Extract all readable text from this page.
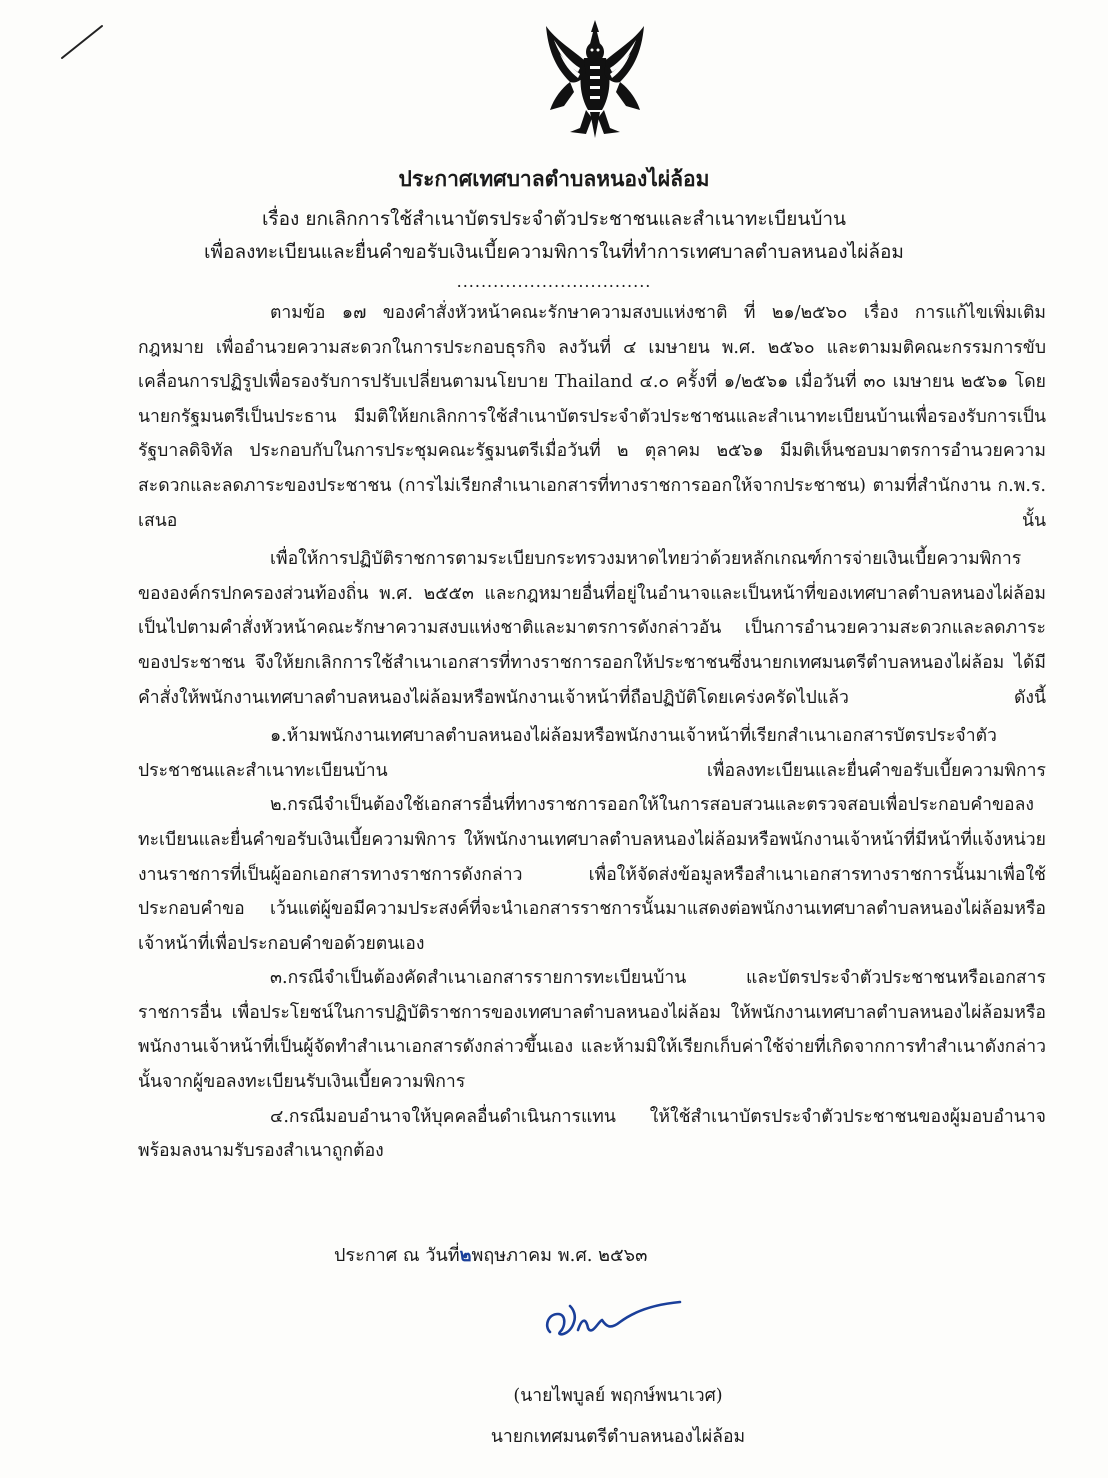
ประกาศเทศบาลตำบลหนองไผ่ล้อม
เรื่อง ยกเลิกการใช้สำเนาบัตรประจำตัวประชาชนและสำเนาทะเบียนบ้าน
เพื่อลงทะเบียนและยื่นคำขอรับเงินเบี้ยความพิการในที่ทำการเทศบาลตำบลหนองไผ่ล้อม
................................

ตามข้อ ๑๗ ของคำสั่งหัวหน้าคณะรักษาความสงบแห่งชาติ ที่ ๒๑/๒๕๖๐ เรื่อง การแก้ไขเพิ่มเติมกฎหมาย เพื่ออำนวยความสะดวกในการประกอบธุรกิจ ลงวันที่ ๔ เมษายน พ.ศ. ๒๕๖๐ และตามมติคณะกรรมการขับเคลื่อนการปฏิรูปเพื่อรองรับการปรับเปลี่ยนตามนโยบาย Thailand ๔.๐ ครั้งที่ ๑/๒๕๖๑ เมื่อวันที่ ๓๐ เมษายน ๒๕๖๑ โดยนายกรัฐมนตรีเป็นประธาน มีมติให้ยกเลิกการใช้สำเนาบัตรประจำตัวประชาชนและสำเนาทะเบียนบ้านเพื่อรองรับการเป็นรัฐบาลดิจิทัล ประกอบกับในการประชุมคณะรัฐมนตรีเมื่อวันที่ ๒ ตุลาคม ๒๕๖๑ มีมติเห็นชอบมาตรการอำนวยความสะดวกและลดภาระของประชาชน (การไม่เรียกสำเนาเอกสารที่ทางราชการออกให้จากประชาชน) ตามที่สำนักงาน ก.พ.ร. เสนอ นั้น

เพื่อให้การปฏิบัติราชการตามระเบียบกระทรวงมหาดไทยว่าด้วยหลักเกณฑ์การจ่ายเงินเบี้ยความพิการขององค์กรปกครองส่วนท้องถิ่น พ.ศ. ๒๕๕๓ และกฎหมายอื่นที่อยู่ในอำนาจและเป็นหน้าที่ของเทศบาลตำบลหนองไผ่ล้อม เป็นไปตามคำสั่งหัวหน้าคณะรักษาความสงบแห่งชาติและมาตรการดังกล่าวอัน เป็นการอำนวยความสะดวกและลดภาระของประชาชน จึงให้ยกเลิกการใช้สำเนาเอกสารที่ทางราชการออกให้ประชาชนซึ่งนายกเทศมนตรีตำบลหนองไผ่ล้อม ได้มีคำสั่งให้พนักงานเทศบาลตำบลหนองไผ่ล้อมหรือพนักงานเจ้าหน้าที่ถือปฏิบัติโดยเคร่งครัดไปแล้ว ดังนี้

๑.ห้ามพนักงานเทศบาลตำบลหนองไผ่ล้อมหรือพนักงานเจ้าหน้าที่เรียกสำเนาเอกสารบัตรประจำตัวประชาชนและสำเนาทะเบียนบ้าน เพื่อลงทะเบียนและยื่นคำขอรับเบี้ยความพิการ

๒.กรณีจำเป็นต้องใช้เอกสารอื่นที่ทางราชการออกให้ในการสอบสวนและตรวจสอบเพื่อประกอบคำขอลงทะเบียนและยื่นคำขอรับเงินเบี้ยความพิการ ให้พนักงานเทศบาลตำบลหนองไผ่ล้อมหรือพนักงานเจ้าหน้าที่มีหน้าที่แจ้งหน่วยงานราชการที่เป็นผู้ออกเอกสารทางราชการดังกล่าว เพื่อให้จัดส่งข้อมูลหรือสำเนาเอกสารทางราชการนั้นมาเพื่อใช้ประกอบคำขอ เว้นแต่ผู้ขอมีความประสงค์ที่จะนำเอกสารราชการนั้นมาแสดงต่อพนักงานเทศบาลตำบลหนองไผ่ล้อมหรือเจ้าหน้าที่เพื่อประกอบคำขอด้วยตนเอง

๓.กรณีจำเป็นต้องคัดสำเนาเอกสารรายการทะเบียนบ้าน และบัตรประจำตัวประชาชนหรือเอกสารราชการอื่น เพื่อประโยชน์ในการปฏิบัติราชการของเทศบาลตำบลหนองไผ่ล้อม ให้พนักงานเทศบาลตำบลหนองไผ่ล้อมหรือพนักงานเจ้าหน้าที่เป็นผู้จัดทำสำเนาเอกสารดังกล่าวขึ้นเอง และห้ามมิให้เรียกเก็บค่าใช้จ่ายที่เกิดจากการทำสำเนาดังกล่าวนั้นจากผู้ขอลงทะเบียนรับเงินเบี้ยความพิการ

๔.กรณีมอบอำนาจให้บุคคลอื่นดำเนินการแทน ให้ใช้สำเนาบัตรประจำตัวประชาชนของผู้มอบอำนาจพร้อมลงนามรับรองสำเนาถูกต้อง

ประกาศ ณ วันที่๒พฤษภาคม พ.ศ. ๒๕๖๓
(นายไพบูลย์ พฤกษ์พนาเวศ)
นายกเทศมนตรีตำบลหนองไผ่ล้อม
